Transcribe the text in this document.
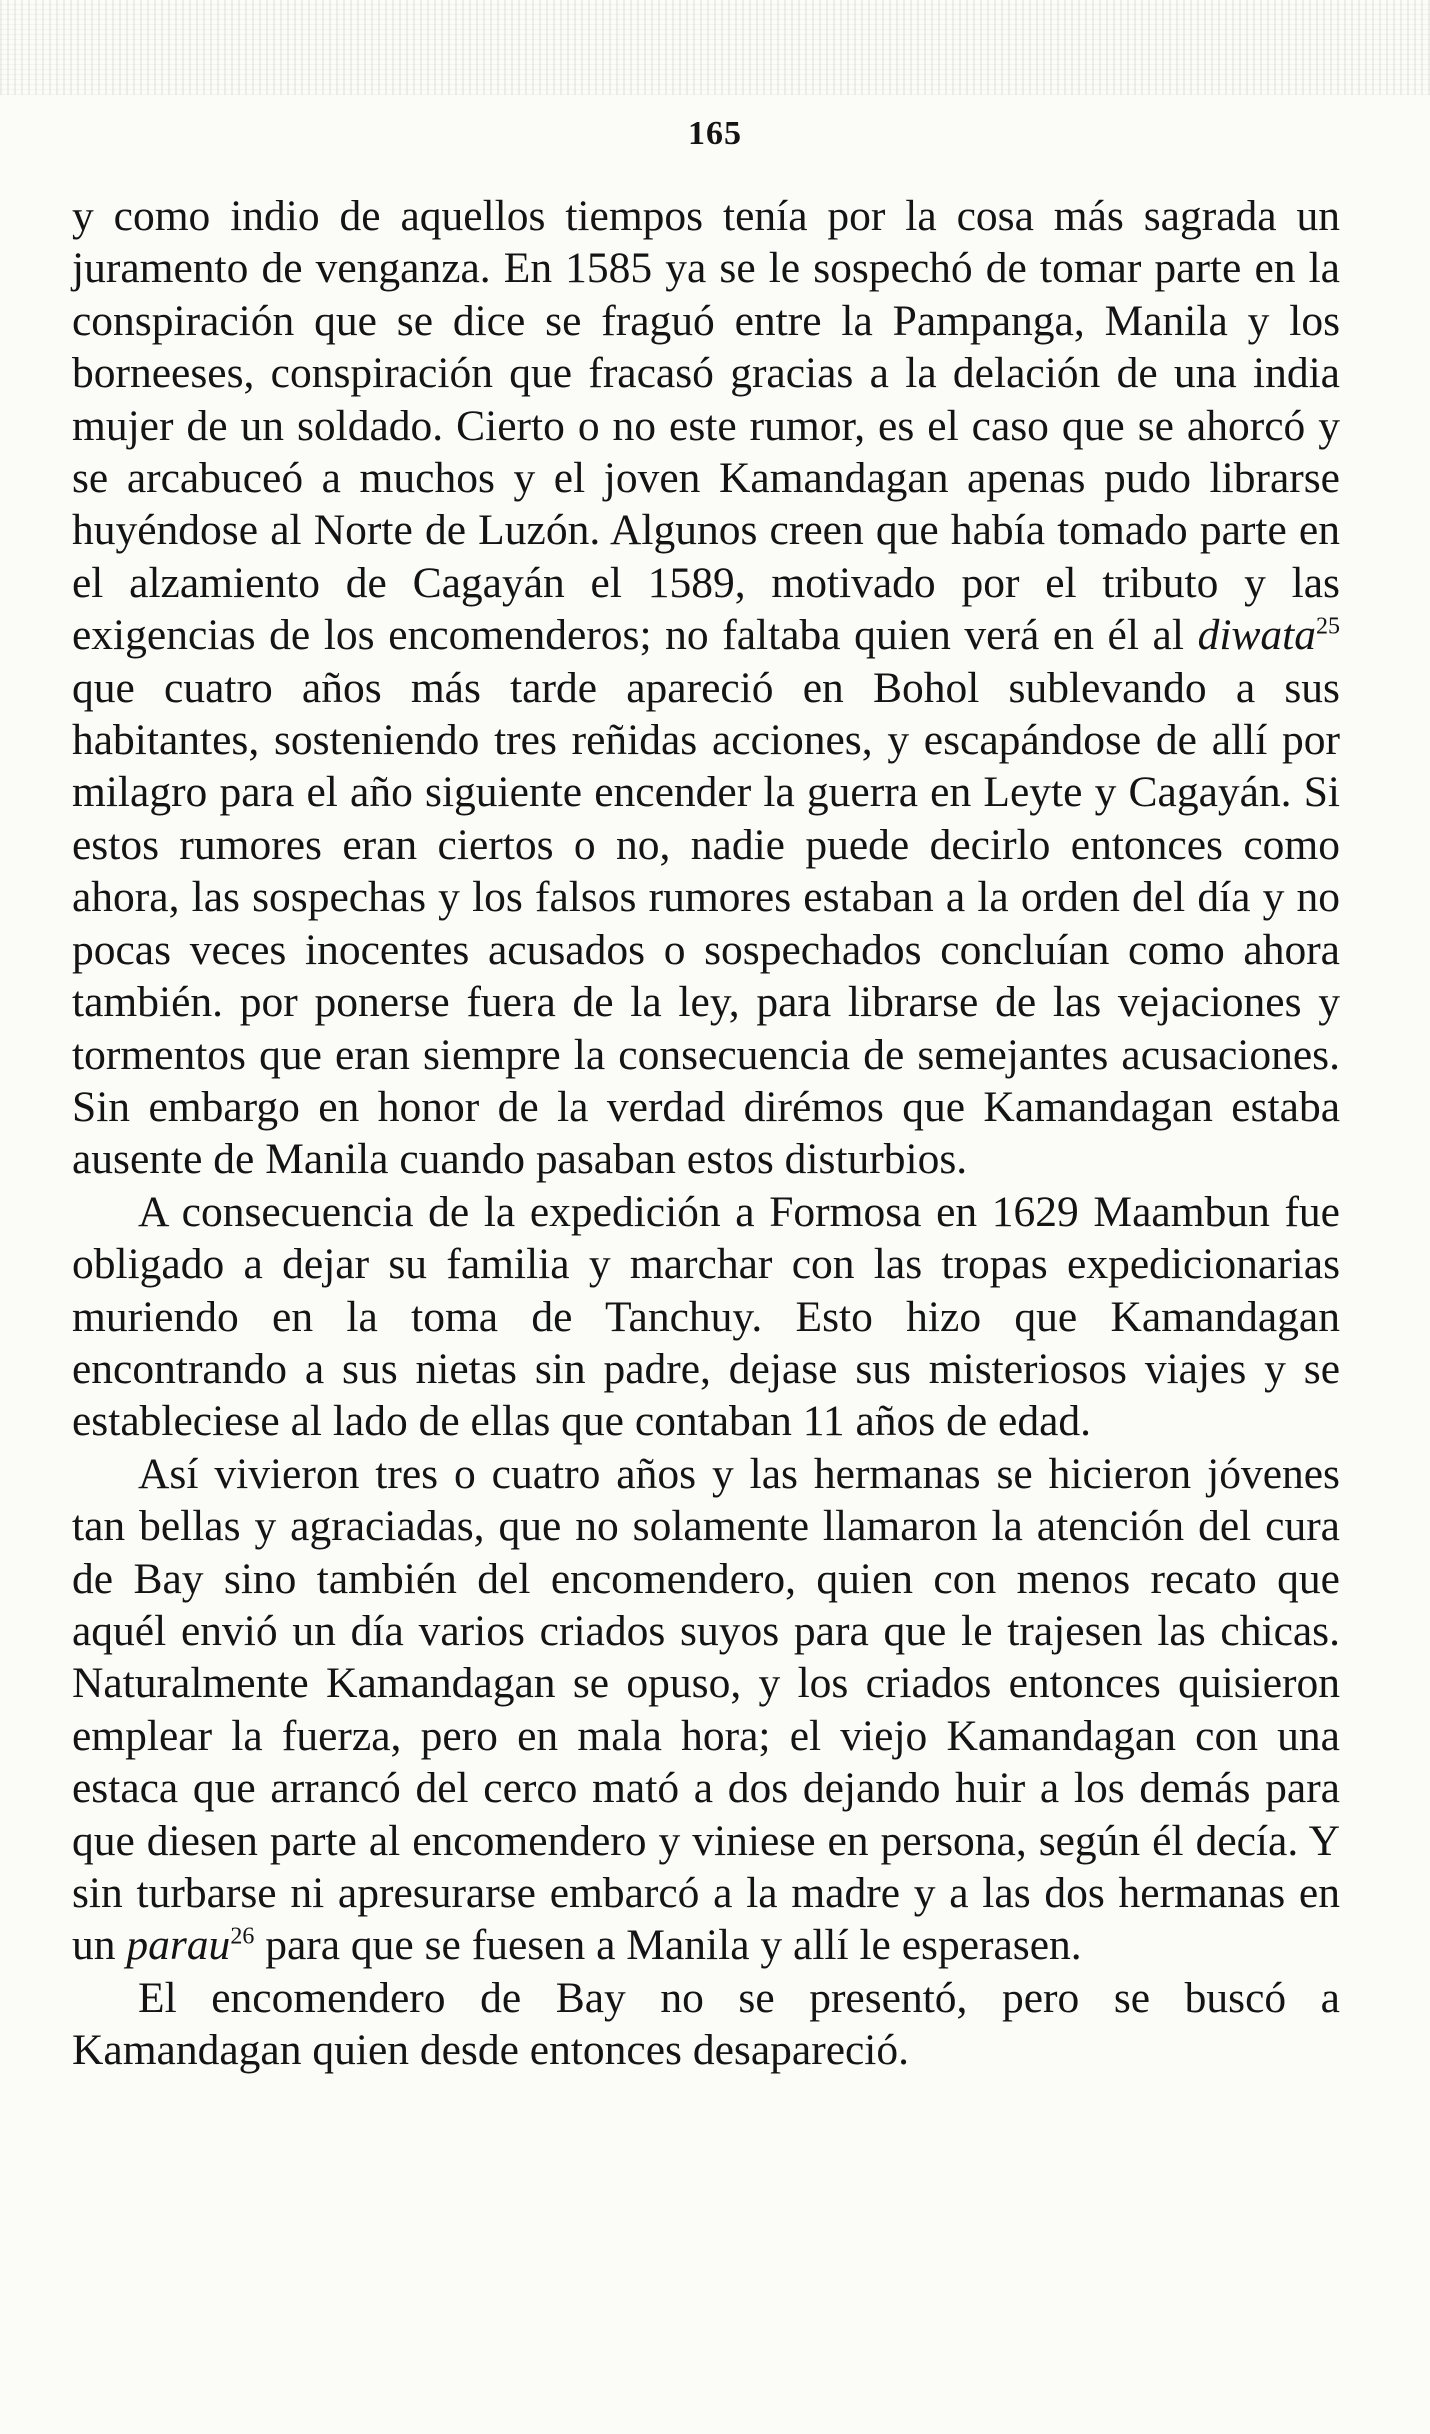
165

y como indio de aquellos tiempos tenía por la cosa más sagrada un juramento de venganza. En 1585 ya se le sospechó de tomar parte en la conspiración que se dice se fraguó entre la Pampanga, Manila y los borneeses, conspiración que fracasó gracias a la delación de una india mujer de un soldado. Cierto o no este rumor, es el caso que se ahorcó y se arcabuceó a muchos y el joven Kamandagan apenas pudo librarse huyéndose al Norte de Luzón. Algunos creen que había tomado parte en el alzamiento de Cagayán el 1589, motivado por el tributo y las exigencias de los encomenderos; no faltaba quien verá en él al diwata$^{25}$ que cuatro años más tarde apareció en Bohol sublevando a sus habitantes, sosteniendo tres reñidas acciones, y escapándose de allí por milagro para el año siguiente encender la guerra en Leyte y Cagayán. Si estos rumores eran ciertos o no, nadie puede decirlo entonces como ahora, las sospechas y los falsos rumores estaban a la orden del día y no pocas veces inocentes acusados o sospechados concluían como ahora también. por ponerse fuera de la ley, para librarse de las vejaciones y tormentos que eran siempre la consecuencia de semejantes acusaciones. Sin embargo en honor de la verdad dirémos que Kamandagan estaba ausente de Manila cuando pasaban estos disturbios.

A consecuencia de la expedición a Formosa en 1629 Maambun fue obligado a dejar su familia y marchar con las tropas expedicionarias muriendo en la toma de Tanchuy. Esto hizo que Kamandagan encontrando a sus nietas sin padre, dejase sus misteriosos viajes y se estableciese al lado de ellas que contaban 11 años de edad.

Así vivieron tres o cuatro años y las hermanas se hicieron jóvenes tan bellas y agraciadas, que no solamente llamaron la atención del cura de Bay sino también del encomendero, quien con menos recato que aquél envió un día varios criados suyos para que le trajesen las chicas. Naturalmente Kamandagan se opuso, y los criados entonces quisieron emplear la fuerza, pero en mala hora; el viejo Kamandagan con una estaca que arrancó del cerco mató a dos dejando huir a los demás para que diesen parte al encomendero y viniese en persona, según él decía. Y sin turbarse ni apresurarse embarcó a la madre y a las dos hermanas en un parau$^{26}$ para que se fuesen a Manila y allí le esperasen.

El encomendero de Bay no se presentó, pero se buscó a Kamandagan quien desde entonces desapareció.
